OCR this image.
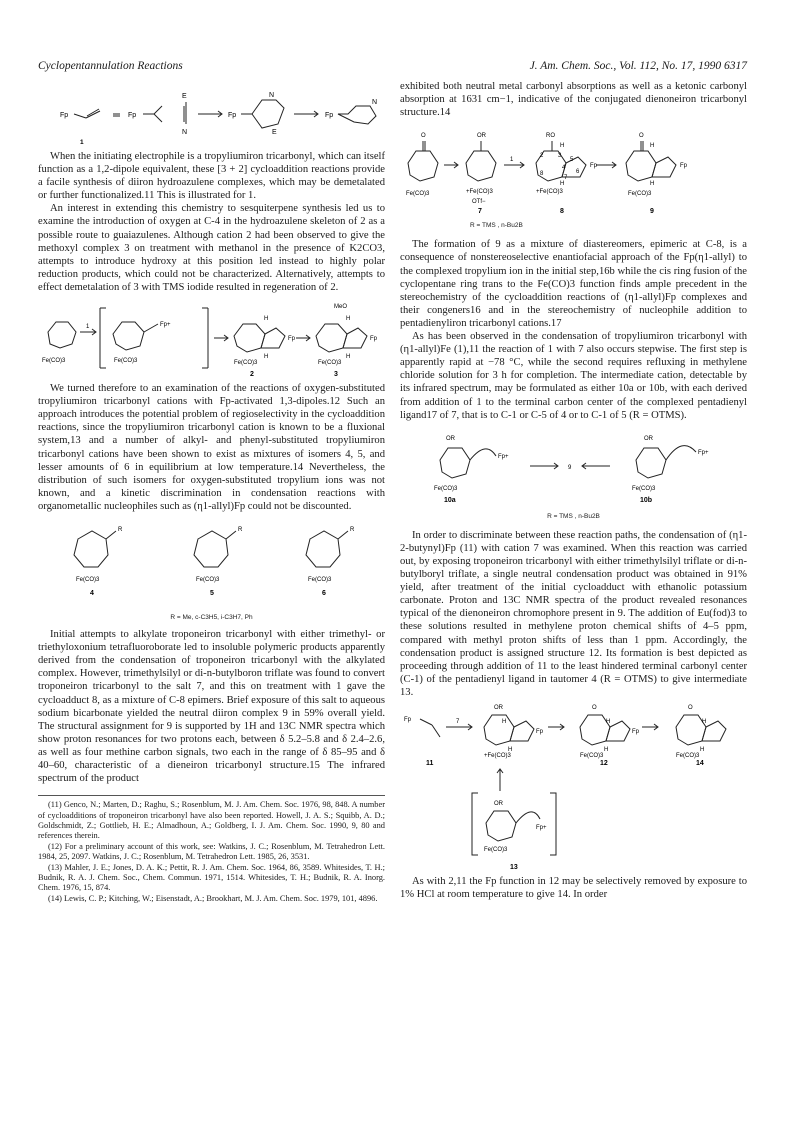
Cyclopentannulation Reactions	J. Am. Chem. Soc., Vol. 112, No. 17, 1990 6317
Fp	Fp
E
N
Fp
N
E
Fp
N
1

When the initiating electrophile is a tropyliumiron tricarbonyl, which can itself function as a 1,2-dipole equivalent, these [3 + 2] cycloaddition reactions provide a facile synthesis of diiron hydroazulene complexes, which may be demetalated or further functionalized.11 This is illustrated for 1.

An interest in extending this chemistry to sesquiterpene synthesis led us to examine the introduction of oxygen at C-4 in the hydroazulene skeleton of 2 as a possible route to guaiazulenes. Although cation 2 had been observed to give the methoxyl complex 3 on treatment with methanol in the presence of K2CO3, attempts to introduce hydroxy at this position led instead to highly polar reduction products, which could not be characterized. Alternatively, attempts to effect demetalation of 3 with TMS iodide resulted in regeneration of 2.

Fe(CO)3	Fe(CO)3	Fe(CO)3	Fe(CO)3
Fp+
Fp	Fp
H
H
MeO
H
H
1
2	3

We turned therefore to an examination of the reactions of oxygen-substituted tropyliumiron tricarbonyl cations with Fp-activated 1,3-dipoles.12 Such an approach introduces the potential problem of regioselectivity in the cycloaddition reactions, since the tropyliumiron tricarbonyl cation is known to be a fluxional system,13 and a number of alkyl- and phenyl-substituted tropyliumiron tricarbonyl cations have been shown to exist as mixtures of isomers 4, 5, and lesser amounts of 6 in equilibrium at low temperature.14 Nevertheless, the distribution of such isomers for oxygen-substituted tropylium ions was not known, and a kinetic discrimination in condensation reactions with organometallic nucleophiles such as (η1-allyl)Fp could not be discounted.

R	R	R
Fe(CO)3	Fe(CO)3	Fe(CO)3
4	5	6
R = Me, c-C3H5, i-C3H7, Ph

Initial attempts to alkylate troponeiron tricarbonyl with either trimethyl- or triethyloxonium tetrafluoroborate led to insoluble polymeric products apparently derived from the condensation of troponeiron tricarbonyl with the alkylated complex. However, trimethylsilyl or di-n-butylboron triflate was found to convert troponeiron tricarbonyl to the salt 7, and this on treatment with 1 gave the cycloadduct 8, as a mixture of C-8 epimers. Brief exposure of this salt to aqueous sodium bicarbonate yielded the neutral diiron complex 9 in 59% overall yield. The structural assignment for 9 is supported by 1H and 13C NMR spectra which show proton resonances for two protons each, between δ 5.2–5.8 and δ 2.4–2.6, as well as four methine carbon signals, two each in the range of δ 85–95 and δ 40–60, characteristic of a dieneiron tricarbonyl structure.15 The infrared spectrum of the product

(11) Genco, N.; Marten, D.; Raghu, S.; Rosenblum, M. J. Am. Chem. Soc. 1976, 98, 848. A number of cycloadditions of troponeiron tricarbonyl have also been reported. Howell, J. A. S.; Squibb, A. D.; Goldschmidt, Z.; Gottlieb, H. E.; Almadhoun, A.; Goldberg, I. J. Am. Chem. Soc. 1990, 9, 80 and references therein.

(12) For a preliminary account of this work, see: Watkins, J. C.; Rosenblum, M. Tetrahedron Lett. 1984, 25, 2097. Watkins, J. C.; Rosenblum, M. Tetrahedron Lett. 1985, 26, 3531.

(13) Mahler, J. E.; Jones, D. A. K.; Pettit, R. J. Am. Chem. Soc. 1964, 86, 3589. Whitesides, T. H.; Budnik, R. A. J. Chem. Soc., Chem. Commun. 1971, 1514. Whitesides, T. H.; Budnik, R. A. Inorg. Chem. 1976, 15, 874.

(14) Lewis, C. P.; Kitching, W.; Eisenstadt, A.; Brookhart, M. J. Am. Chem. Soc. 1979, 101, 4896.

exhibited both neutral metal carbonyl absorptions as well as a ketonic carbonyl absorption at 1631 cm−1, indicative of the conjugated dienoneiron tricarbonyl structure.14

O	OR	RO	O
Fe(CO)3	+Fe(CO)3
OTf−
+Fe(CO)3	Fe(CO)3
H
H
H
H
Fp	Fp
1
2 3
4
5
6
7
8
7	8	9
R = TMS , n-Bu2B

The formation of 9 as a mixture of diastereomers, epimeric at C-8, is a consequence of nonstereoselective enantiofacial approach of the Fp(η1-allyl) to the complexed tropylium ion in the initial step,16b while the cis ring fusion of the cyclopentane ring trans to the Fe(CO)3 function finds ample precedent in the stereochemistry of the cycloaddition reactions of (η1-allyl)Fp complexes and their congeners16 and in the stereochemistry of nucleophile addition to pentadienyliron tricarbonyl cations.17

As has been observed in the condensation of tropyliumiron tricarbonyl with (η1-allyl)Fe (1),11 the reaction of 1 with 7 also occurs stepwise. The first step is apparently rapid at −78 °C, while the second requires refluxing in methylene chloride solution for 3 h for completion. The intermediate cation, detectable by its infrared spectrum, may be formulated as either 10a or 10b, with each derived from addition of 1 to the terminal carbon center of the complexed pentadienyl ligand17 of 7, that is to C-1 or C-5 of 4 or to C-1 of 5 (R = OTMS).

OR	OR
Fp+
Fp+
Fe(CO)3	Fe(CO)3
9
10a	10b
R = TMS , n-Bu2B

In order to discriminate between these reaction paths, the condensation of (η1-2-butynyl)Fp (11) with cation 7 was examined. When this reaction was carried out, by exposing troponeiron tricarbonyl with either trimethylsilyl triflate or di-n-butylboryl triflate, a single neutral condensation product was obtained in 91% yield, after treatment of the initial cycloadduct with ethanolic potassium carbonate. Proton and 13C NMR spectra of the product revealed resonances typical of the dienoneiron chromophore present in 9. The addition of Eu(fod)3 to these solutions resulted in methylene proton chemical shifts of 4–5 ppm, compared with methyl proton shifts of less than 1 ppm. Accordingly, the condensation product is assigned structure 12. Its formation is best depicted as proceeding through addition of 11 to the least hindered terminal carbonyl center (C-1) of the pentadienyl ligand in tautomer 4 (R = OTMS) to give intermediate 13.

Fp	7
OR	O	O
Fp	Fp
+Fe(CO)3	Fe(CO)3	Fe(CO)3
H
H
H
H
H
H
OR
Fp+
Fe(CO)3
11	12	14
13

As with 2,11 the Fp function in 12 may be selectively removed by exposure to 1% HCl at room temperature to give 14. In order
